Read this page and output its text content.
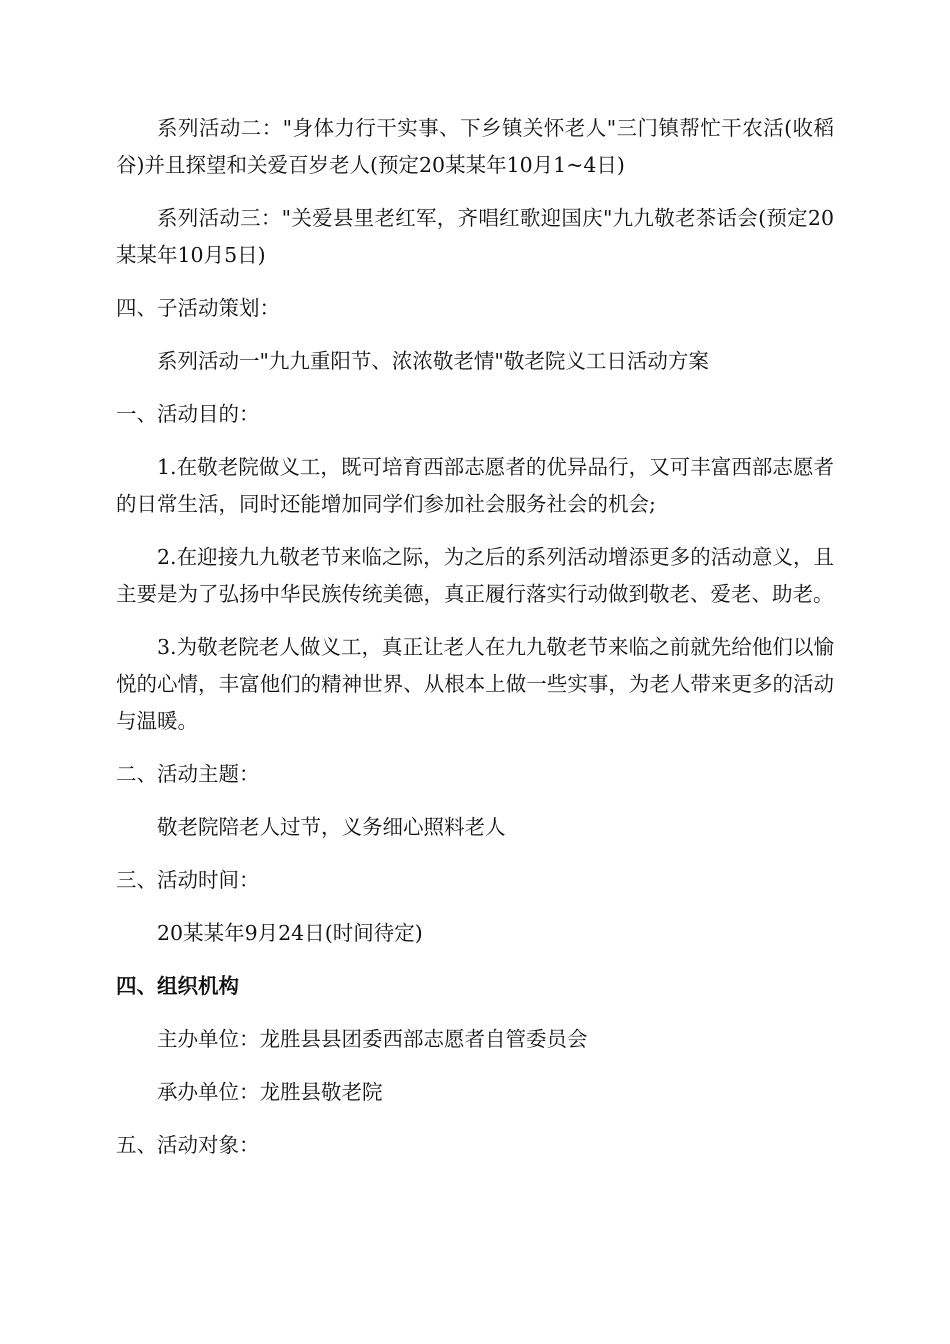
系列活动二："身体力行干实事、下乡镇关怀老人"三门镇帮忙干农活(收稻谷)并且探望和关爱百岁老人(预定20某某年10月1~4日)

系列活动三："关爱县里老红军，齐唱红歌迎国庆"九九敬老茶话会(预定20某某年10月5日)

四、子活动策划：

系列活动一"九九重阳节、浓浓敬老情"敬老院义工日活动方案

一、活动目的：

1.在敬老院做义工，既可培育西部志愿者的优异品行，又可丰富西部志愿者的日常生活，同时还能增加同学们参加社会服务社会的机会;

2.在迎接九九敬老节来临之际，为之后的系列活动增添更多的活动意义，且主要是为了弘扬中华民族传统美德，真正履行落实行动做到敬老、爱老、助老。

3.为敬老院老人做义工，真正让老人在九九敬老节来临之前就先给他们以愉悦的心情，丰富他们的精神世界、从根本上做一些实事，为老人带来更多的活动与温暖。

二、活动主题：

敬老院陪老人过节，义务细心照料老人

三、活动时间：

20某某年9月24日(时间待定)

四、组织机构

主办单位：龙胜县县团委西部志愿者自管委员会

承办单位：龙胜县敬老院

五、活动对象：
